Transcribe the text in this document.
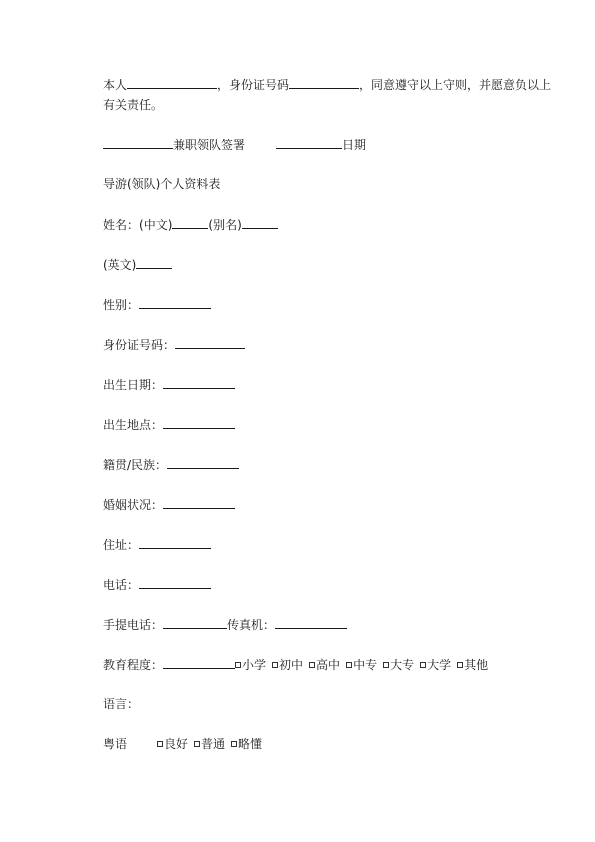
本人	，身份证号码	，同意遵守以上守则，并愿意负以上
有关责任。
兼职领队签署	日期
导游(领队)个人资料表
姓名：(中文)	(别名)
(英文)
性别：
身份证号码：
出生日期：
出生地点：
籍贯/民族：
婚姻状况：
住址：
电话：
手提电话：	传真机：
教育程度：	小学 初中 高中 中专 大专 大学 其他
语言：
粤语	良好 普通 略懂
